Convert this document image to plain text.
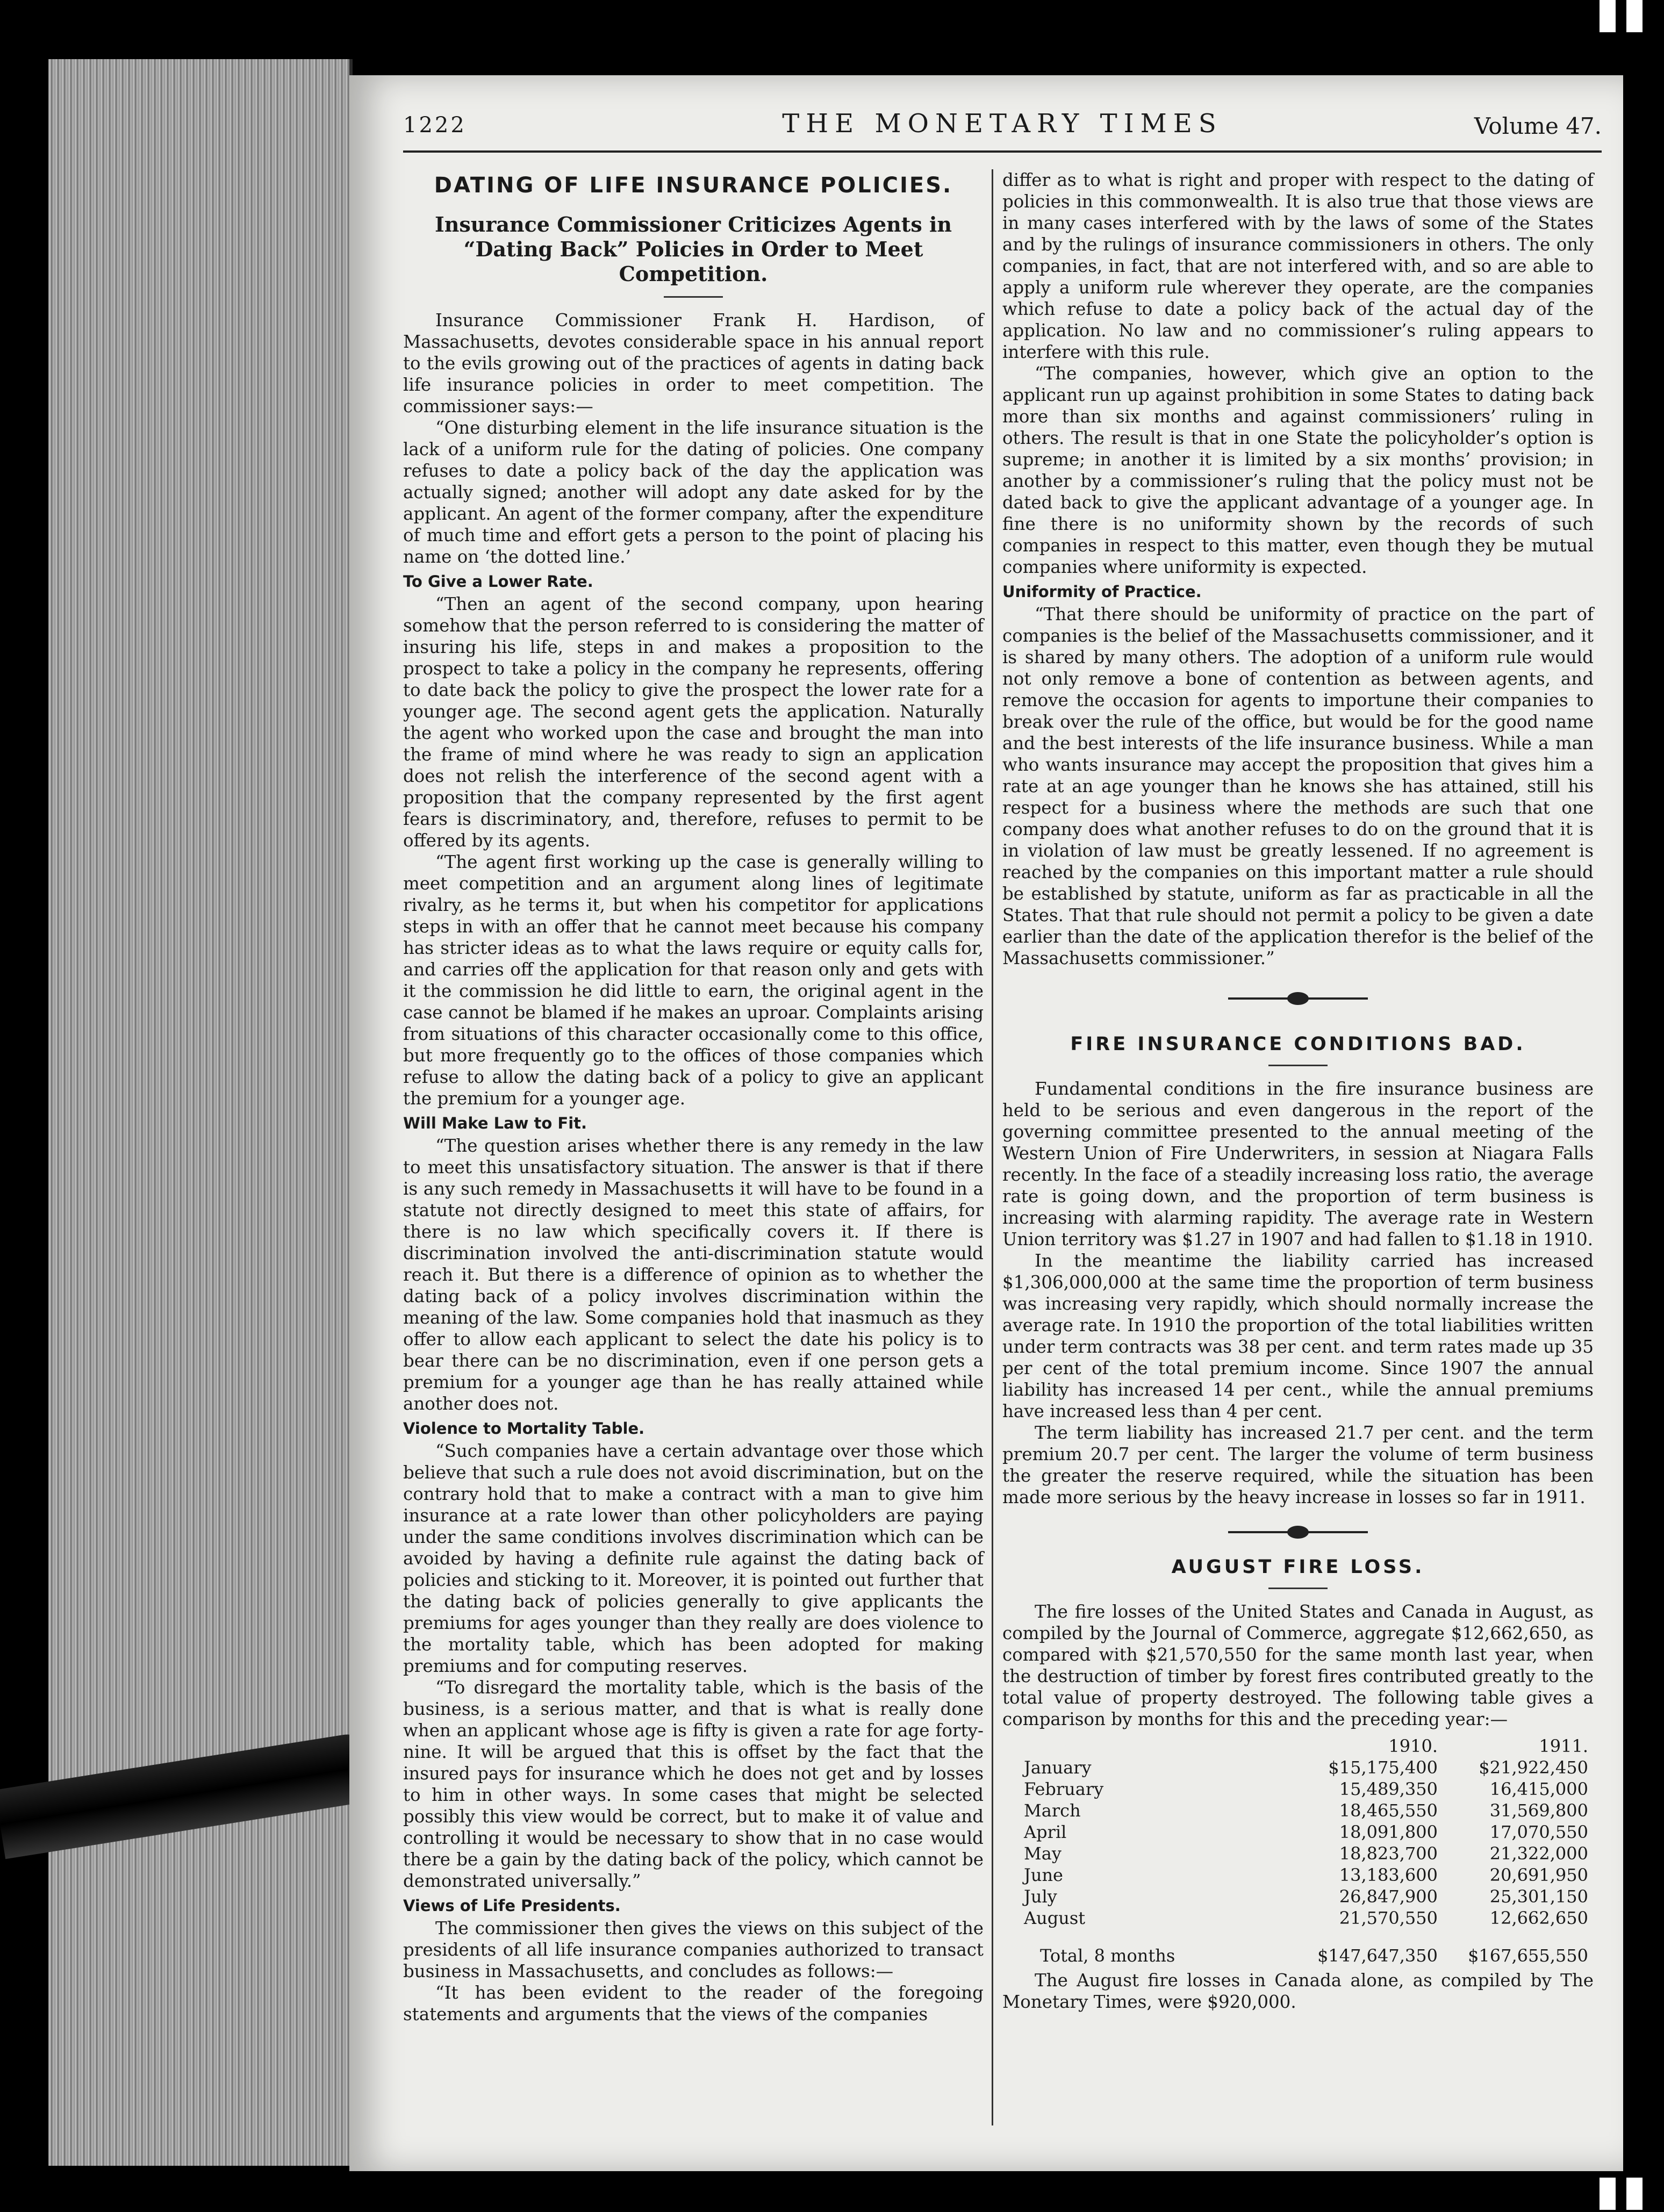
1222	THE MONETARY TIMES	Volume 47.
DATING OF LIFE INSURANCE POLICIES.
Insurance Commissioner Criticizes Agents in “Dating Back” Policies in Order to Meet Competition.

Insurance Commissioner Frank H. Hardison, of Massachusetts, devotes considerable space in his annual report to the evils growing out of the practices of agents in dating back life insurance policies in order to meet competition. The commissioner says:—

“One disturbing element in the life insurance situation is the lack of a uniform rule for the dating of policies. One company refuses to date a policy back of the day the application was actually signed; another will adopt any date asked for by the applicant. An agent of the former company, after the expenditure of much time and effort gets a person to the point of placing his name on ‘the dotted line.’

To Give a Lower Rate.

“Then an agent of the second company, upon hearing somehow that the person referred to is considering the matter of insuring his life, steps in and makes a proposition to the prospect to take a policy in the company he represents, offering to date back the policy to give the prospect the lower rate for a younger age. The second agent gets the application. Naturally the agent who worked upon the case and brought the man into the frame of mind where he was ready to sign an application does not relish the interference of the second agent with a proposition that the company represented by the first agent fears is discriminatory, and, therefore, refuses to permit to be offered by its agents.

“The agent first working up the case is generally willing to meet competition and an argument along lines of legitimate rivalry, as he terms it, but when his competitor for applications steps in with an offer that he cannot meet because his company has stricter ideas as to what the laws require or equity calls for, and carries off the application for that reason only and gets with it the commission he did little to earn, the original agent in the case cannot be blamed if he makes an uproar. Complaints arising from situations of this character occasionally come to this office, but more frequently go to the offices of those companies which refuse to allow the dating back of a policy to give an applicant the premium for a younger age.

Will Make Law to Fit.

“The question arises whether there is any remedy in the law to meet this unsatisfactory situation. The answer is that if there is any such remedy in Massachusetts it will have to be found in a statute not directly designed to meet this state of affairs, for there is no law which specifically covers it. If there is discrimination involved the anti-discrimination statute would reach it. But there is a difference of opinion as to whether the dating back of a policy involves discrimination within the meaning of the law. Some companies hold that inasmuch as they offer to allow each applicant to select the date his policy is to bear there can be no discrimination, even if one person gets a premium for a younger age than he has really attained while another does not.

Violence to Mortality Table.

“Such companies have a certain advantage over those which believe that such a rule does not avoid discrimination, but on the contrary hold that to make a contract with a man to give him insurance at a rate lower than other policyholders are paying under the same conditions involves discrimination which can be avoided by having a definite rule against the dating back of policies and sticking to it. Moreover, it is pointed out further that the dating back of policies generally to give applicants the premiums for ages younger than they really are does violence to the mortality table, which has been adopted for making premiums and for computing reserves.

“To disregard the mortality table, which is the basis of the business, is a serious matter, and that is what is really done when an applicant whose age is fifty is given a rate for age forty-nine. It will be argued that this is offset by the fact that the insured pays for insurance which he does not get and by losses to him in other ways. In some cases that might be selected possibly this view would be correct, but to make it of value and controlling it would be necessary to show that in no case would there be a gain by the dating back of the policy, which cannot be demonstrated universally.”

Views of Life Presidents.

The commissioner then gives the views on this subject of the presidents of all life insurance companies authorized to transact business in Massachusetts, and concludes as follows:—

“It has been evident to the reader of the foregoing statements and arguments that the views of the companies

differ as to what is right and proper with respect to the dating of policies in this commonwealth. It is also true that those views are in many cases interfered with by the laws of some of the States and by the rulings of insurance commissioners in others. The only companies, in fact, that are not interfered with, and so are able to apply a uniform rule wherever they operate, are the companies which refuse to date a policy back of the actual day of the application. No law and no commissioner’s ruling appears to interfere with this rule.

“The companies, however, which give an option to the applicant run up against prohibition in some States to dating back more than six months and against commissioners’ ruling in others. The result is that in one State the policyholder’s option is supreme; in another it is limited by a six months’ provision; in another by a commissioner’s ruling that the policy must not be dated back to give the applicant advantage of a younger age. In fine there is no uniformity shown by the records of such companies in respect to this matter, even though they be mutual companies where uniformity is expected.

Uniformity of Practice.

“That there should be uniformity of practice on the part of companies is the belief of the Massachusetts commissioner, and it is shared by many others. The adoption of a uniform rule would not only remove a bone of contention as between agents, and remove the occasion for agents to importune their companies to break over the rule of the office, but would be for the good name and the best interests of the life insurance business. While a man who wants insurance may accept the proposition that gives him a rate at an age younger than he knows she has attained, still his respect for a business where the methods are such that one company does what another refuses to do on the ground that it is in violation of law must be greatly lessened. If no agreement is reached by the companies on this important matter a rule should be established by statute, uniform as far as practicable in all the States. That that rule should not permit a policy to be given a date earlier than the date of the application therefor is the belief of the Massachusetts commissioner.”

FIRE INSURANCE CONDITIONS BAD.

Fundamental conditions in the fire insurance business are held to be serious and even dangerous in the report of the governing committee presented to the annual meeting of the Western Union of Fire Underwriters, in session at Niagara Falls recently. In the face of a steadily increasing loss ratio, the average rate is going down, and the proportion of term business is increasing with alarming rapidity. The average rate in Western Union territory was $1.27 in 1907 and had fallen to $1.18 in 1910.

In the meantime the liability carried has increased $1,306,000,000 at the same time the proportion of term business was increasing very rapidly, which should normally increase the average rate. In 1910 the proportion of the total liabilities written under term contracts was 38 per cent. and term rates made up 35 per cent of the total premium income. Since 1907 the annual liability has increased 14 per cent., while the annual premiums have increased less than 4 per cent.

The term liability has increased 21.7 per cent. and the term premium 20.7 per cent. The larger the volume of term business the greater the reserve required, while the situation has been made more serious by the heavy increase in losses so far in 1911.

AUGUST FIRE LOSS.

The fire losses of the United States and Canada in August, as compiled by the Journal of Commerce, aggregate $12,662,650, as compared with $21,570,550 for the same month last year, when the destruction of timber by forest fires contributed greatly to the total value of property destroyed. The following table gives a comparison by months for this and the preceding year:—

	1910.	1911.
January	$15,175,400	$21,922,450
February	15,489,350	16,415,000
March	18,465,550	31,569,800
April	18,091,800	17,070,550
May	18,823,700	21,322,000
June	13,183,600	20,691,950
July	26,847,900	25,301,150
August	21,570,550	12,662,650
Total, 8 months	$147,647,350	$167,655,550

The August fire losses in Canada alone, as compiled by The Monetary Times, were $920,000.
